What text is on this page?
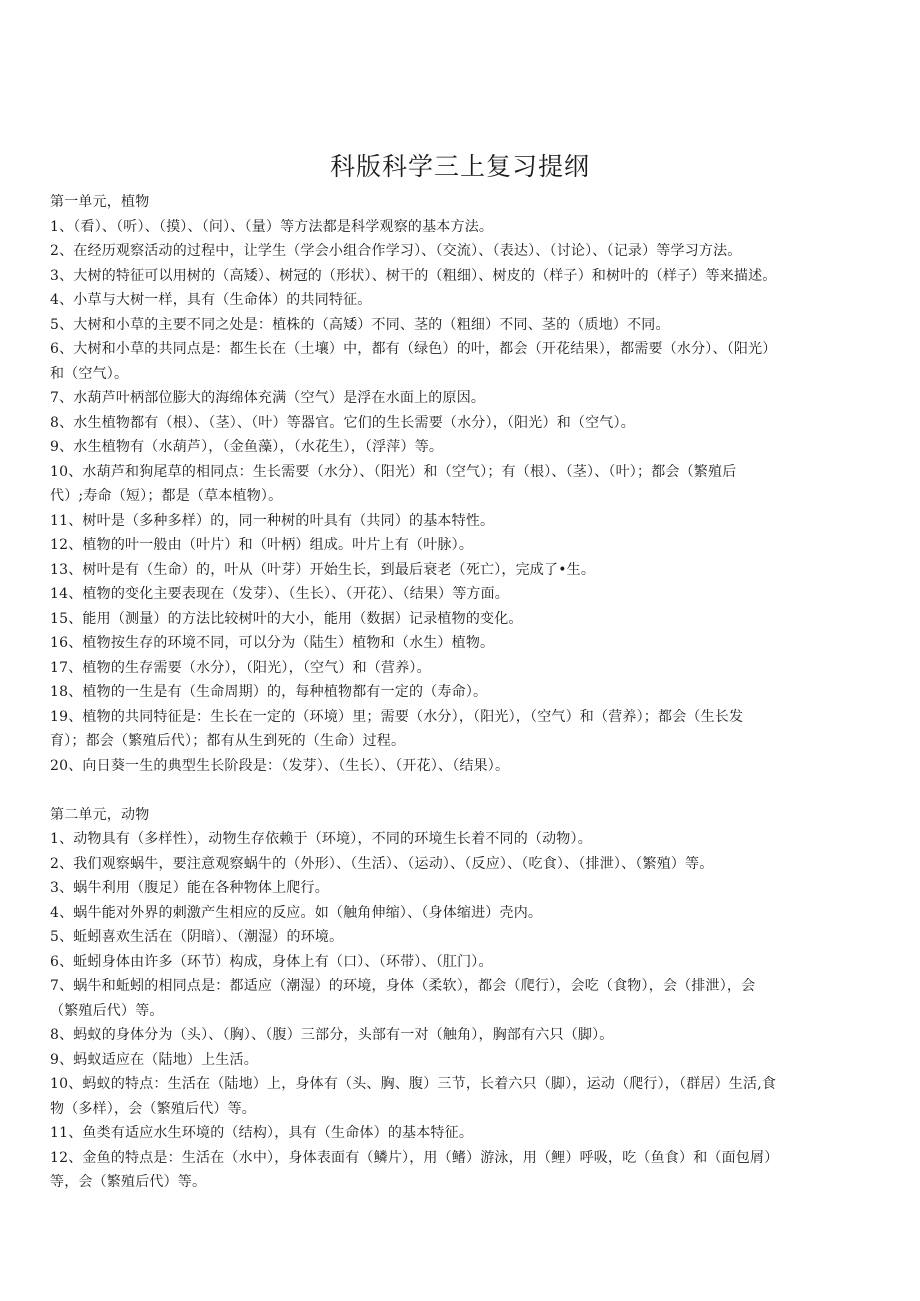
科版科学三上复习提纲
第一单元，植物
1、（看）、（听）、（摸）、（问）、（量）等方法都是科学观察的基本方法。
2、在经历观察活动的过程中，让学生（学会小组合作学习）、（交流）、（表达）、（讨论）、（记录）等学习方法。
3、大树的特征可以用树的（高矮）、树冠的（形状）、树干的（粗细）、树皮的（样子）和树叶的（样子）等来描述。
4、小草与大树一样，具有（生命体）的共同特征。
5、大树和小草的主要不同之处是：植株的（高矮）不同、茎的（粗细）不同、茎的（质地）不同。
6、大树和小草的共同点是：都生长在（土壤）中，都有（绿色）的叶，都会（开花结果），都需要（水分）、（阳光）
和（空气）。
7、水葫芦叶柄部位膨大的海绵体充满（空气）是浮在水面上的原因。
8、水生植物都有（根）、（茎）、（叶）等器官。它们的生长需要（水分），（阳光）和（空气）。
9、水生植物有（水葫芦），（金鱼藻），（水花生），（浮萍）等。
10、水葫芦和狗尾草的相同点：生长需要（水分）、（阳光）和（空气）；有（根）、（茎）、（叶）；都会（繁殖后
代）;寿命（短）；都是（草本植物）。
11、树叶是（多种多样）的，同一种树的叶具有（共同）的基本特性。
12、植物的叶一般由（叶片）和（叶柄）组成。叶片上有（叶脉）。
13、树叶是有（生命）的，叶从（叶芽）开始生长，到最后衰老（死亡），完成了•生。
14、植物的变化主要表现在（发芽）、（生长）、（开花）、（结果）等方面。
15、能用（测量）的方法比较树叶的大小，能用（数据）记录植物的变化。
16、植物按生存的环境不同，可以分为（陆生）植物和（水生）植物。
17、植物的生存需要（水分），（阳光），（空气）和（营养）。
18、植物的一生是有（生命周期）的，每种植物都有一定的（寿命）。
19、植物的共同特征是：生长在一定的（环境）里；需要（水分），（阳光），（空气）和（营养）；都会（生长发
育）；都会（繁殖后代）；都有从生到死的（生命）过程。
20、向日葵一生的典型生长阶段是：（发芽）、（生长）、（开花）、（结果）。
第二单元，动物
1、动物具有（多样性），动物生存依赖于（环境），不同的环境生长着不同的（动物）。
2、我们观察蜗牛，要注意观察蜗牛的（外形）、（生活）、（运动）、（反应）、（吃食）、（排泄）、（繁殖）等。
3、蜗牛利用（腹足）能在各种物体上爬行。
4、蜗牛能对外界的刺激产生相应的反应。如（触角伸缩）、（身体缩进）壳内。
5、蚯蚓喜欢生活在（阴暗）、（潮湿）的环境。
6、蚯蚓身体由许多（环节）构成，身体上有（口）、（环带）、（肛门）。
7、蜗牛和蚯蚓的相同点是：都适应（潮湿）的环境，身体（柔软），都会（爬行），会吃（食物），会（排泄），会
（繁殖后代）等。
8、蚂蚁的身体分为（头）、（胸）、（腹）三部分，头部有一对（触角），胸部有六只（脚）。
9、蚂蚁适应在（陆地）上生活。
10、蚂蚁的特点：生活在（陆地）上，身体有（头、胸、腹）三节，长着六只（脚），运动（爬行），（群居）生活,食
物（多样），会（繁殖后代）等。
11、鱼类有适应水生环境的（结构），具有（生命体）的基本特征。
12、金鱼的特点是：生活在（水中），身体表面有（鳞片），用（鳍）游泳，用（鲤）呼吸，吃（鱼食）和（面包屑）
等，会（繁殖后代）等。
